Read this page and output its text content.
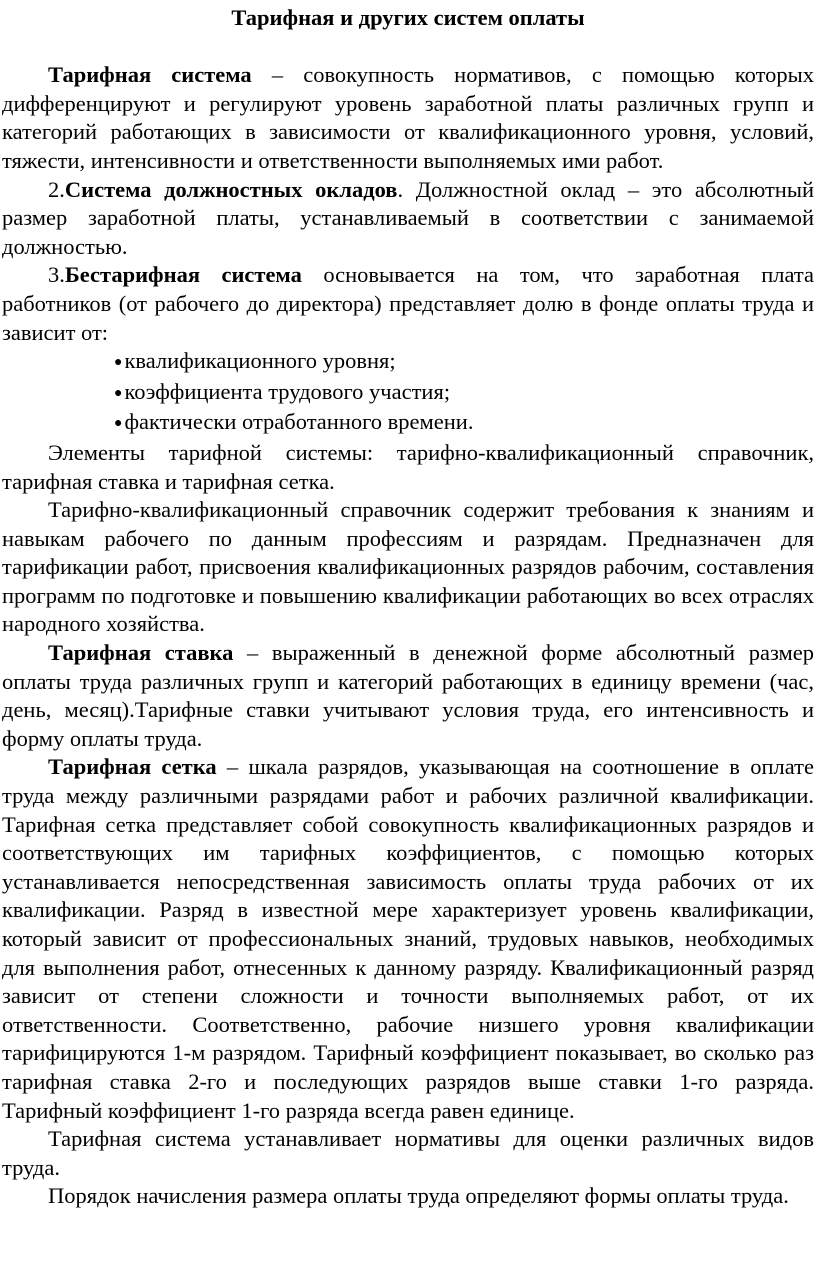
Тарифная и других систем оплаты

Тарифная система – совокупность нормативов, с помощью которых дифференцируют и регулируют уровень заработной платы различных групп и категорий работающих в зависимости от квалификационного уровня, условий, тяжести, интенсивности и ответственности выполняемых ими работ.

2.Система должностных окладов. Должностной оклад – это абсолютный размер заработной платы, устанавливаемый в соответствии с занимаемой должностью.

3.Бестарифная система основывается на том, что заработная плата работников (от рабочего до директора) представляет долю в фонде оплаты труда и зависит от:

●квалификационного уровня;
●коэффициента трудового участия;
●фактически отработанного времени.

Элементы тарифной системы: тарифно-квалификационный справочник, тарифная ставка и тарифная сетка.

Тарифно-квалификационный справочник содержит требования к знаниям и навыкам рабочего по данным профессиям и разрядам. Предназначен для тарификации работ, присвоения квалификационных разрядов рабочим, составления программ по подготовке и повышению квалификации работающих во всех отраслях народного хозяйства.

Тарифная ставка – выраженный в денежной форме абсолютный размер оплаты труда различных групп и категорий работающих в единицу времени (час, день, месяц).Тарифные ставки учитывают условия труда, его интенсивность и форму оплаты труда.

Тарифная сетка – шкала разрядов, указывающая на соотношение в оплате труда между различными разрядами работ и рабочих различной квалификации. Тарифная сетка представляет собой совокупность квалификационных разрядов и соответствующих им тарифных коэффициентов, с помощью которых устанавливается непосредственная зависимость оплаты труда рабочих от их квалификации. Разряд в известной мере характеризует уровень квалификации, который зависит от профессиональных знаний, трудовых навыков, необходимых для выполнения работ, отнесенных к данному разряду. Квалификационный разряд зависит от степени сложности и точности выполняемых работ, от их ответственности. Соответственно, рабочие низшего уровня квалификации тарифицируются 1-м разрядом. Тарифный коэффициент показывает, во сколько раз тарифная ставка 2-го и последующих разрядов выше ставки 1-го разряда. Тарифный коэффициент 1-го разряда всегда равен единице.

Тарифная система устанавливает нормативы для оценки различных видов труда.

Порядок начисления размера оплаты труда определяют формы оплаты труда.
